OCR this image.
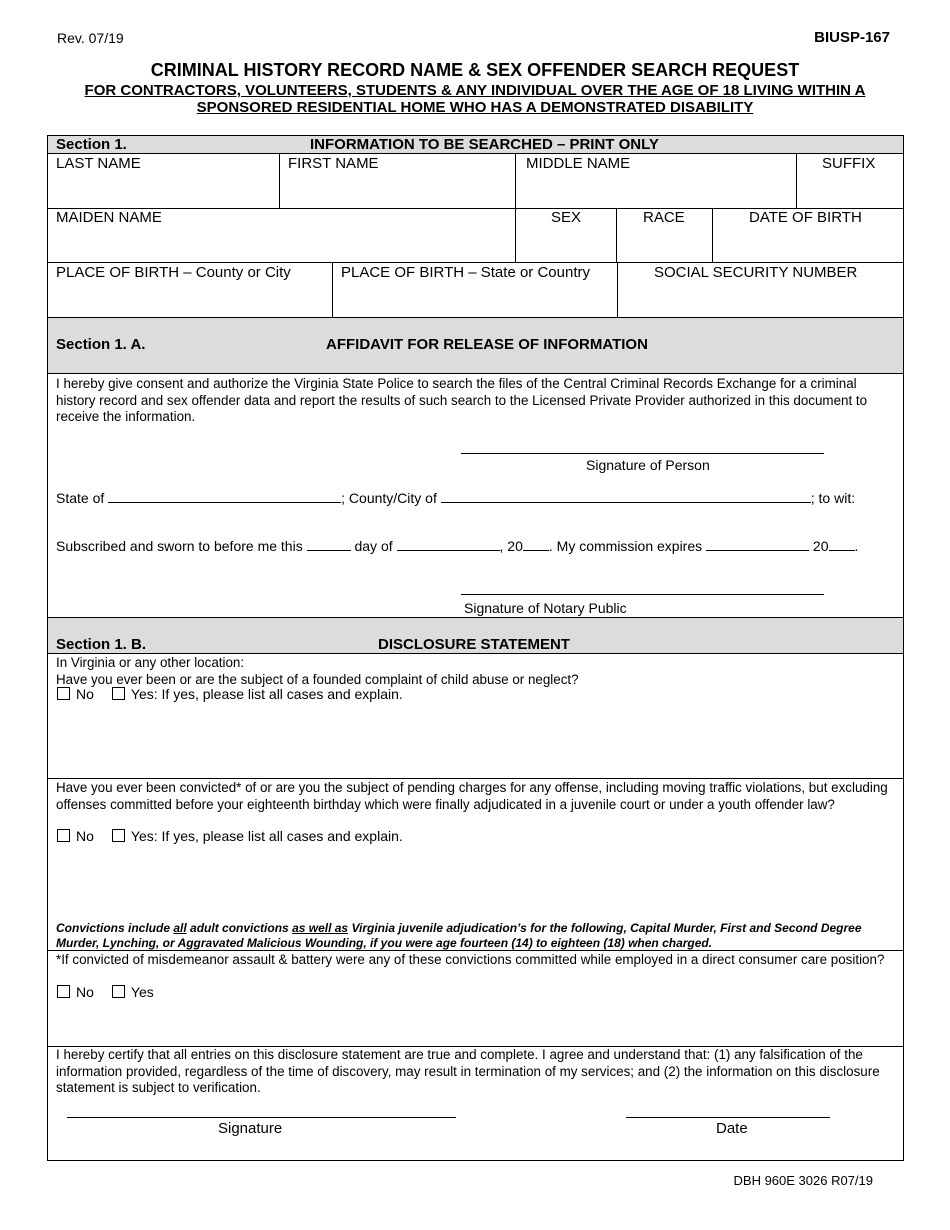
Rev. 07/19	BIUSP-167
CRIMINAL HISTORY RECORD NAME & SEX OFFENDER SEARCH REQUEST
FOR CONTRACTORS, VOLUNTEERS, STUDENTS & ANY INDIVIDUAL OVER THE AGE OF 18 LIVING WITHIN A
SPONSORED RESIDENTIAL HOME WHO HAS A DEMONSTRATED DISABILITY
Section 1.	INFORMATION TO BE SEARCHED – PRINT ONLY
LAST NAME	FIRST NAME	MIDDLE NAME	SUFFIX
MAIDEN NAME	SEX	RACE	DATE OF BIRTH
PLACE OF BIRTH – County or City	PLACE OF BIRTH – State or Country	SOCIAL SECURITY NUMBER
Section 1. A.	AFFIDAVIT FOR RELEASE OF INFORMATION
I hereby give consent and authorize the Virginia State Police to search the files of the Central Criminal Records Exchange for a criminal history record and sex offender data and report the results of such search to the Licensed Private Provider authorized in this document to receive the information.
Signature of Person
State of	; County/City of	; to wit:
Subscribed and sworn to before me this	day of	, 20 . My commission expires	20 .
Signature of Notary Public
Section 1. B.	DISCLOSURE STATEMENT
In Virginia or any other location:
Have you ever been or are the subject of a founded complaint of child abuse or neglect?
No	Yes: If yes, please list all cases and explain.
Have you ever been convicted* of or are you the subject of pending charges for any offense, including moving traffic violations, but excluding offenses committed before your eighteenth birthday which were finally adjudicated in a juvenile court or under a youth offender law?
No	Yes: If yes, please list all cases and explain.
Convictions include all adult convictions as well as Virginia juvenile adjudication’s for the following, Capital Murder, First and Second Degree Murder, Lynching, or Aggravated Malicious Wounding, if you were age fourteen (14) to eighteen (18) when charged.
*If convicted of misdemeanor assault & battery were any of these convictions committed while employed in a direct consumer care position?
No	Yes
I hereby certify that all entries on this disclosure statement are true and complete. I agree and understand that: (1) any falsification of the information provided, regardless of the time of discovery, may result in termination of my services; and (2) the information on this disclosure statement is subject to verification.
Signature	Date
DBH 960E 3026 R07/19
